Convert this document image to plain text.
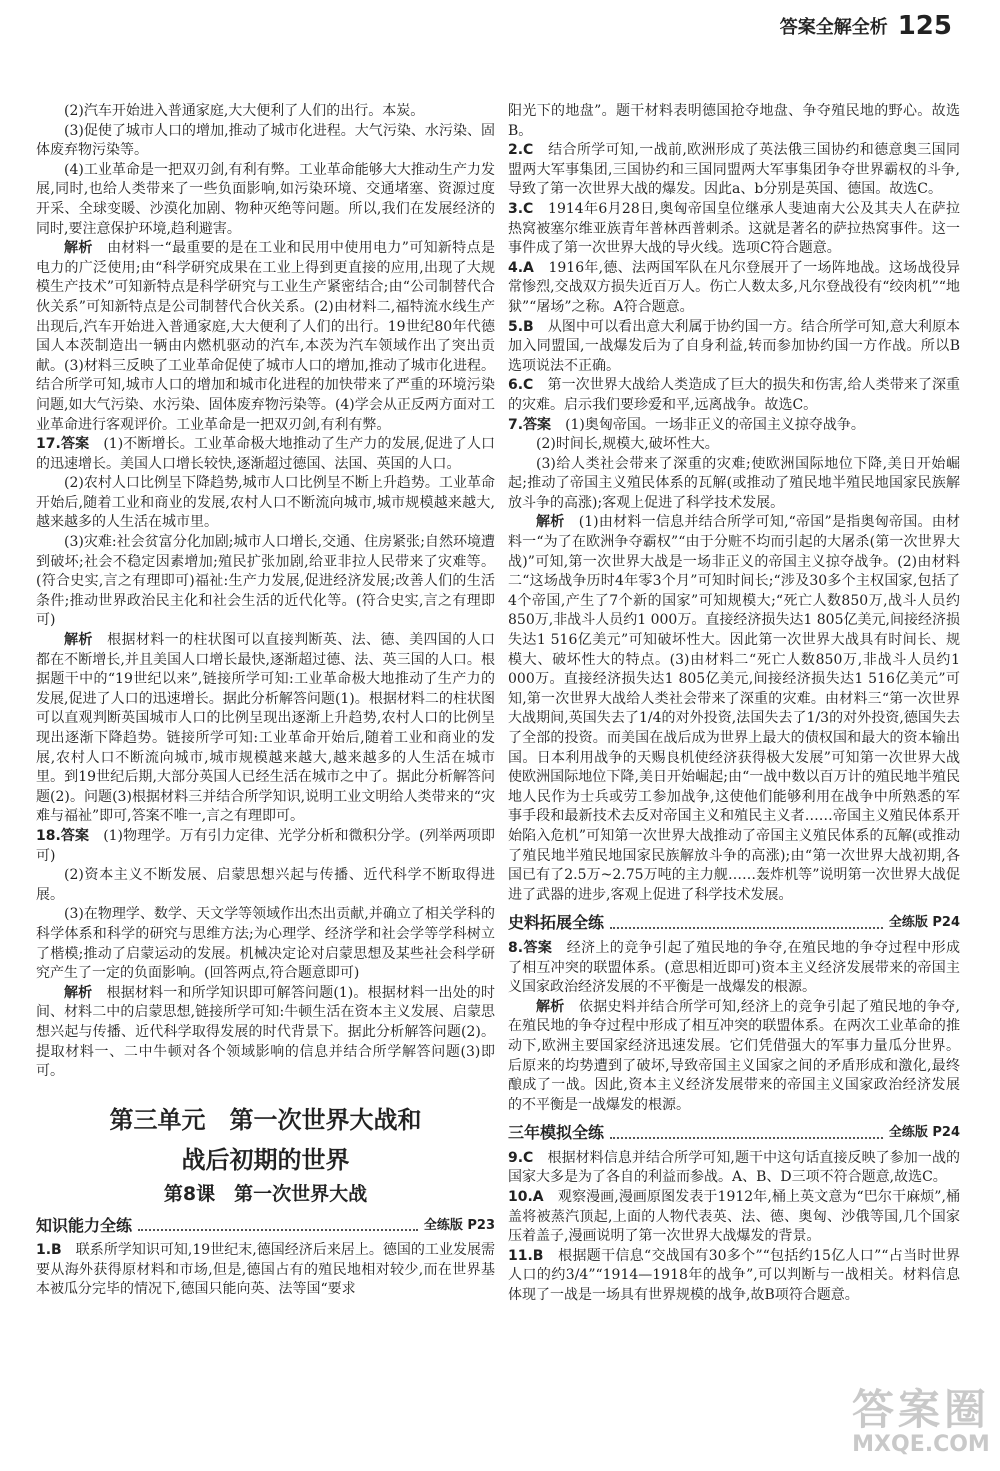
答案全解全析 125

(2)汽车开始进入普通家庭,大大便利了人们的出行。本炭。

(3)促使了城市人口的增加,推动了城市化进程。大气污染、水污染、固体废弃物污染等。

(4)工业革命是一把双刃剑,有利有弊。工业革命能够大大推动生产力发展,同时,也给人类带来了一些负面影响,如污染环境、交通堵塞、资源过度开采、全球变暖、沙漠化加剧、物种灭绝等问题。所以,我们在发展经济的同时,要注意保护环境,趋利避害。

解析　由材料一“最重要的是在工业和民用中使用电力”可知新特点是电力的广泛使用;由“科学研究成果在工业上得到更直接的应用,出现了大规模生产技术”可知新特点是科学研究与工业生产紧密结合;由“公司制替代合伙关系”可知新特点是公司制替代合伙关系。(2)由材料二,福特流水线生产出现后,汽车开始进入普通家庭,大大便利了人们的出行。19世纪80年代德国人本茨制造出一辆由内燃机驱动的汽车,本茨为汽车领域作出了突出贡献。(3)材料三反映了工业革命促使了城市人口的增加,推动了城市化进程。结合所学可知,城市人口的增加和城市化进程的加快带来了严重的环境污染问题,如大气污染、水污染、固体废弃物污染等。(4)学会从正反两方面对工业革命进行客观评价。工业革命是一把双刃剑,有利有弊。

17.答案　(1)不断增长。工业革命极大地推动了生产力的发展,促进了人口的迅速增长。美国人口增长较快,逐渐超过德国、法国、英国的人口。

(2)农村人口比例呈下降趋势,城市人口比例呈不断上升趋势。工业革命开始后,随着工业和商业的发展,农村人口不断流向城市,城市规模越来越大,越来越多的人生活在城市里。

(3)灾难:社会贫富分化加剧;城市人口增长,交通、住房紧张;自然环境遭到破坏;社会不稳定因素增加;殖民扩张加剧,给亚非拉人民带来了灾难等。(符合史实,言之有理即可)福祉:生产力发展,促进经济发展;改善人们的生活条件;推动世界政治民主化和社会生活的近代化等。(符合史实,言之有理即可)

解析　根据材料一的柱状图可以直接判断英、法、德、美四国的人口都在不断增长,并且美国人口增长最快,逐渐超过德、法、英三国的人口。根据题干中的“19世纪以来”,链接所学可知:工业革命极大地推动了生产力的发展,促进了人口的迅速增长。据此分析解答问题(1)。根据材料二的柱状图可以直观判断英国城市人口的比例呈现出逐渐上升趋势,农村人口的比例呈现出逐渐下降趋势。链接所学可知:工业革命开始后,随着工业和商业的发展,农村人口不断流向城市,城市规模越来越大,越来越多的人生活在城市里。到19世纪后期,大部分英国人已经生活在城市之中了。据此分析解答问题(2)。问题(3)根据材料三并结合所学知识,说明工业文明给人类带来的“灾难与福祉”即可,答案不唯一,言之有理即可。

18.答案　(1)物理学。万有引力定律、光学分析和微积分学。(列举两项即可)

(2)资本主义不断发展、启蒙思想兴起与传播、近代科学不断取得进展。

(3)在物理学、数学、天文学等领域作出杰出贡献,并确立了相关学科的科学体系和科学的研究与思维方法;为心理学、经济学和社会学等学科树立了楷模;推动了启蒙运动的发展。机械决定论对启蒙思想及某些社会科学研究产生了一定的负面影响。(回答两点,符合题意即可)

解析　根据材料一和所学知识即可解答问题(1)。根据材料一出处的时间、材料二中的启蒙思想,链接所学可知:牛顿生活在资本主义发展、启蒙思想兴起与传播、近代科学取得发展的时代背景下。据此分析解答问题(2)。提取材料一、二中牛顿对各个领域影响的信息并结合所学解答问题(3)即可。

第三单元　第一次世界大战和
战后初期的世界
第8课　第一次世界大战
知识能力全练	全练版 P23

1.B　 联系所学知识可知,19世纪末,德国经济后来居上。德国的工业发展需要从海外获得原材料和市场,但是,德国占有的殖民地相对较少,而在世界基本被瓜分完毕的情况下,德国只能向英、法等国“要求

阳光下的地盘”。题干材料表明德国抢夺地盘、争夺殖民地的野心。故选B。

2.C　 结合所学可知,一战前,欧洲形成了英法俄三国协约和德意奥三国同盟两大军事集团,三国协约和三国同盟两大军事集团争夺世界霸权的斗争,导致了第一次世界大战的爆发。因此a、b分别是英国、德国。故选C。

3.C　 1914年6月28日,奥匈帝国皇位继承人斐迪南大公及其夫人在萨拉热窝被塞尔维亚族青年普林西普刺杀。这就是著名的萨拉热窝事件。这一事件成了第一次世界大战的导火线。选项C符合题意。

4.A　 1916年,德、法两国军队在凡尔登展开了一场阵地战。这场战役异常惨烈,交战双方损失近百万人。伤亡人数太多,凡尔登战役有“绞肉机”“地狱”“屠场”之称。A符合题意。

5.B　 从图中可以看出意大利属于协约国一方。结合所学可知,意大利原本加入同盟国,一战爆发后为了自身利益,转而参加协约国一方作战。所以B选项说法不正确。

6.C　 第一次世界大战给人类造成了巨大的损失和伤害,给人类带来了深重的灾难。启示我们要珍爱和平,远离战争。故选C。

7.答案　(1)奥匈帝国。一场非正义的帝国主义掠夺战争。

(2)时间长,规模大,破坏性大。

(3)给人类社会带来了深重的灾难;使欧洲国际地位下降,美日开始崛起;推动了帝国主义殖民体系的瓦解(或推动了殖民地半殖民地国家民族解放斗争的高涨);客观上促进了科学技术发展。

解析　(1)由材料一信息并结合所学可知,“帝国”是指奥匈帝国。由材料一“为了在欧洲争夺霸权”“由于分赃不均而引起的大屠杀(第一次世界大战)”可知,第一次世界大战是一场非正义的帝国主义掠夺战争。(2)由材料二“这场战争历时4年零3个月”可知时间长;“涉及30多个主权国家,包括了4个帝国,产生了7个新的国家”可知规模大;“死亡人数850万,战斗人员约850万,非战斗人员约1 000万。直接经济损失达1 805亿美元,间接经济损失达1 516亿美元”可知破坏性大。因此第一次世界大战具有时间长、规模大、破坏性大的特点。(3)由材料二“死亡人数850万,非战斗人员约1 000万。直接经济损失达1 805亿美元,间接经济损失达1 516亿美元”可知,第一次世界大战给人类社会带来了深重的灾难。由材料三“第一次世界大战期间,英国失去了1/4的对外投资,法国失去了1/3的对外投资,德国失去了全部的投资。而美国在战后成为世界上最大的债权国和最大的资本输出国。日本利用战争的天赐良机使经济获得极大发展”可知第一次世界大战使欧洲国际地位下降,美日开始崛起;由“一战中数以百万计的殖民地半殖民地人民作为士兵或劳工参加战争,这使他们能够利用在战争中所熟悉的军事手段和最新技术去反对帝国主义和殖民主义者……帝国主义殖民体系开始陷入危机”可知第一次世界大战推动了帝国主义殖民体系的瓦解(或推动了殖民地半殖民地国家民族解放斗争的高涨);由“第一次世界大战初期,各国已有了2.5万~2.75万吨的主力舰……轰炸机等”说明第一次世界大战促进了武器的进步,客观上促进了科学技术发展。

史料拓展全练	全练版 P24

8.答案　经济上的竞争引起了殖民地的争夺,在殖民地的争夺过程中形成了相互冲突的联盟体系。(意思相近即可)资本主义经济发展带来的帝国主义国家政治经济发展的不平衡是一战爆发的根源。

解析　依据史料并结合所学可知,经济上的竞争引起了殖民地的争夺,在殖民地的争夺过程中形成了相互冲突的联盟体系。在两次工业革命的推动下,欧洲主要国家经济迅速发展。它们凭借强大的军事力量瓜分世界。后原来的均势遭到了破坏,导致帝国主义国家之间的矛盾形成和激化,最终酿成了一战。因此,资本主义经济发展带来的帝国主义国家政治经济发展的不平衡是一战爆发的根源。

三年模拟全练	全练版 P24

9.C　 根据材料信息并结合所学可知,题干中这句话直接反映了参加一战的国家大多是为了各自的利益而参战。A、B、D三项不符合题意,故选C。

10.A　 观察漫画,漫画原图发表于1912年,桶上英文意为“巴尔干麻烦”,桶盖将被蒸汽顶起,上面的人物代表英、法、德、奥匈、沙俄等国,几个国家压着盖子,漫画说明了第一次世界大战爆发的背景。

11.B　 根据题干信息“交战国有30多个”“包括约15亿人口”“占当时世界人口的约3/4”“1914—1918年的战争”,可以判断与一战相关。材料信息体现了一战是一场具有世界规模的战争,故B项符合题意。

答案圈
MXQE.COM
